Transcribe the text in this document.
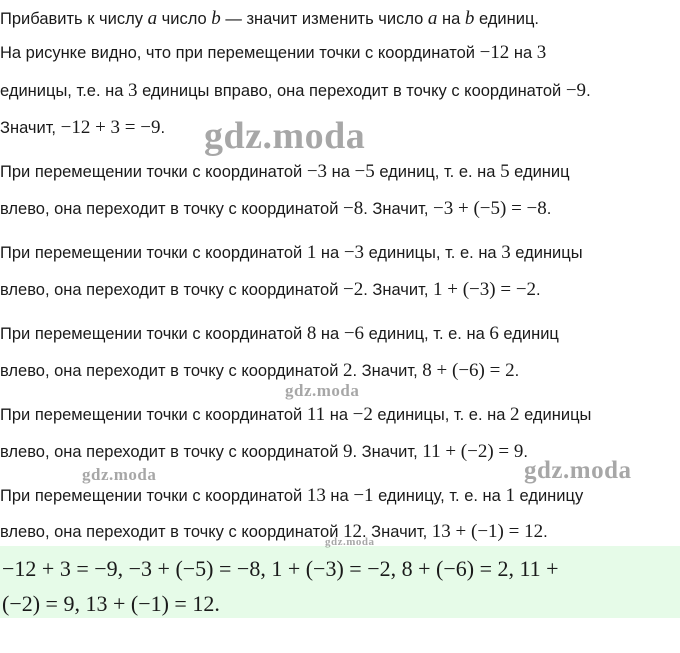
Прибавить к числу a число b — значит изменить число a на b единиц.
На рисунке видно, что при перемещении точки с координатой −12 на 3
единицы, т.е. на 3 единицы вправо, она переходит в точку с координатой −9.
Значит, −12 + 3 = −9.
При перемещении точки с координатой −3 на −5 единиц, т. е. на 5 единиц
влево, она переходит в точку с координатой −8. Значит, −3 + (−5) = −8.
При перемещении точки с координатой 1 на −3 единицы, т. е. на 3 единицы
влево, она переходит в точку с координатой −2. Значит, 1 + (−3) = −2.
При перемещении точки с координатой 8 на −6 единиц, т. е. на 6 единиц
влево, она переходит в точку с координатой 2. Значит, 8 + (−6) = 2.
При перемещении точки с координатой 11 на −2 единицы, т. е. на 2 единицы
влево, она переходит в точку с координатой 9. Значит, 11 + (−2) = 9.
При перемещении точки с координатой 13 на −1 единицу, т. е. на 1 единицу
влево, она переходит в точку с координатой 12. Значит, 13 + (−1) = 12.
−12 + 3 = −9, −3 + (−5) = −8, 1 + (−3) = −2, 8 + (−6) = 2, 11 +
(−2) = 9, 13 + (−1) = 12.
gdz.moda
gdz.moda
gdz.moda	gdz.moda
gdz.moda
